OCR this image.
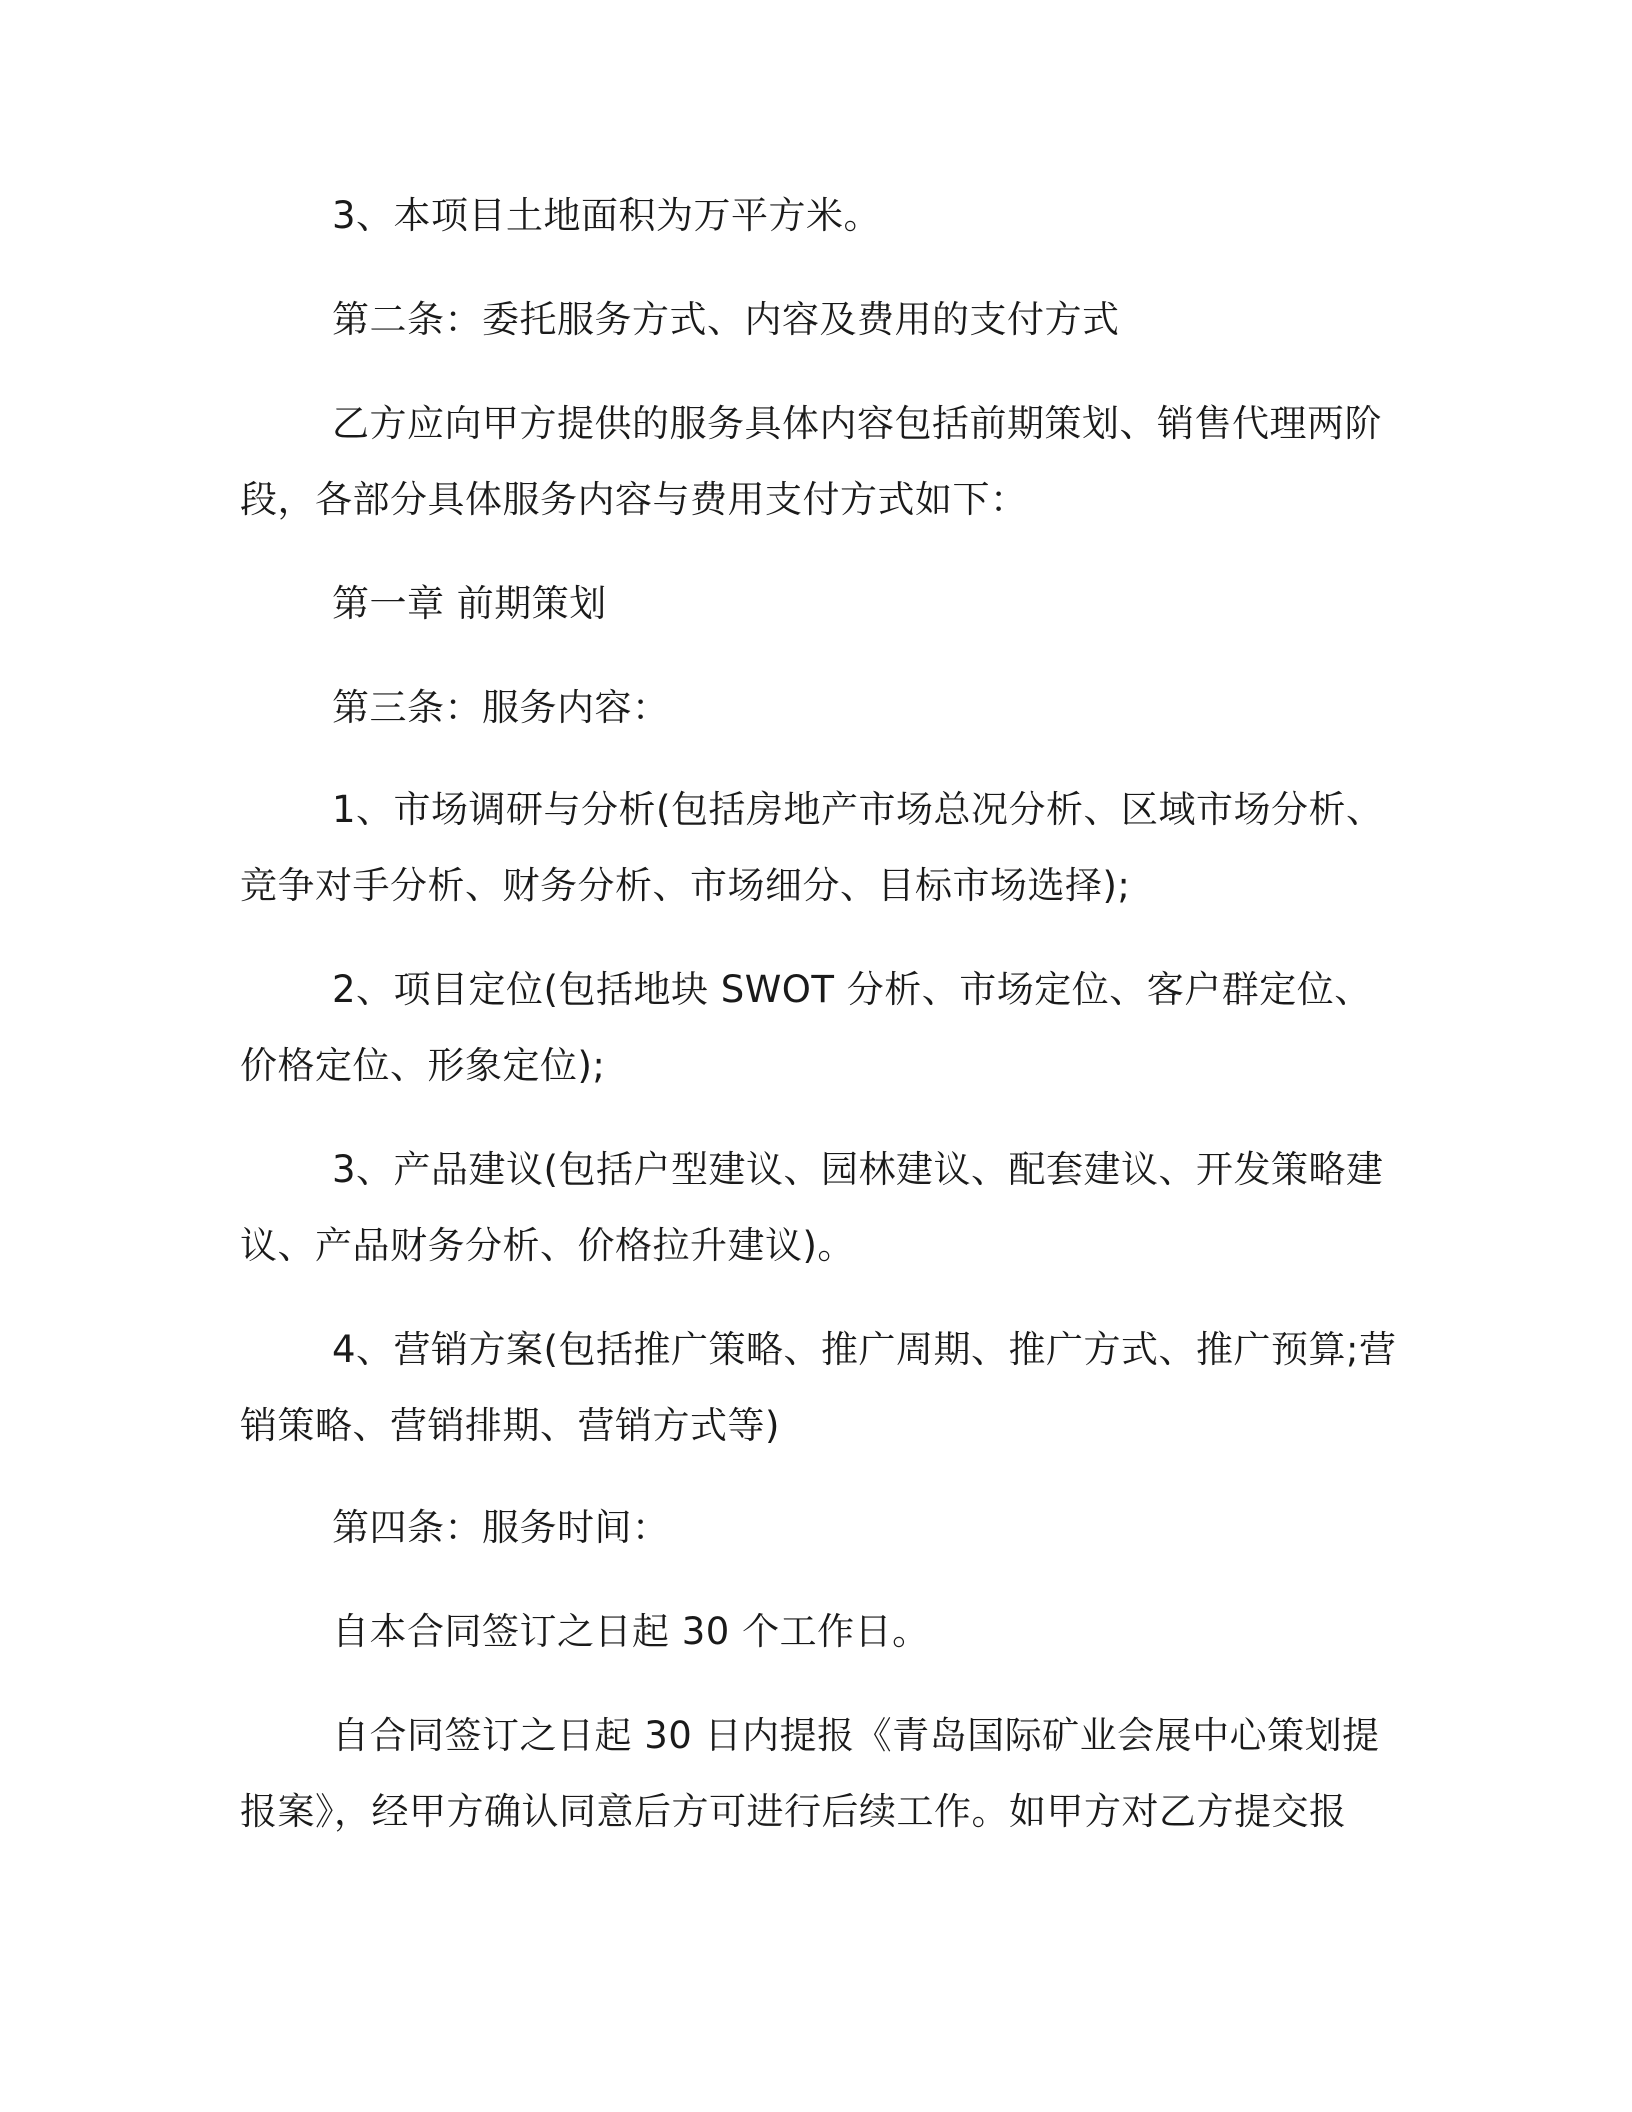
3、本项目土地面积为万平方米。

第二条：委托服务方式、内容及费用的支付方式

乙方应向甲方提供的服务具体内容包括前期策划、销售代理两阶
段，各部分具体服务内容与费用支付方式如下：

第一章 前期策划

第三条：服务内容：

1、市场调研与分析(包括房地产市场总况分析、区域市场分析、
竞争对手分析、财务分析、市场细分、目标市场选择);

2、项目定位(包括地块 SWOT 分析、市场定位、客户群定位、
价格定位、形象定位);

3、产品建议(包括户型建议、园林建议、配套建议、开发策略建
议、产品财务分析、价格拉升建议)。

4、营销方案(包括推广策略、推广周期、推广方式、推广预算;营
销策略、营销排期、营销方式等)

第四条：服务时间：

自本合同签订之日起 30 个工作日。

自合同签订之日起 30 日内提报《青岛国际矿业会展中心策划提
报案》，经甲方确认同意后方可进行后续工作。如甲方对乙方提交报
